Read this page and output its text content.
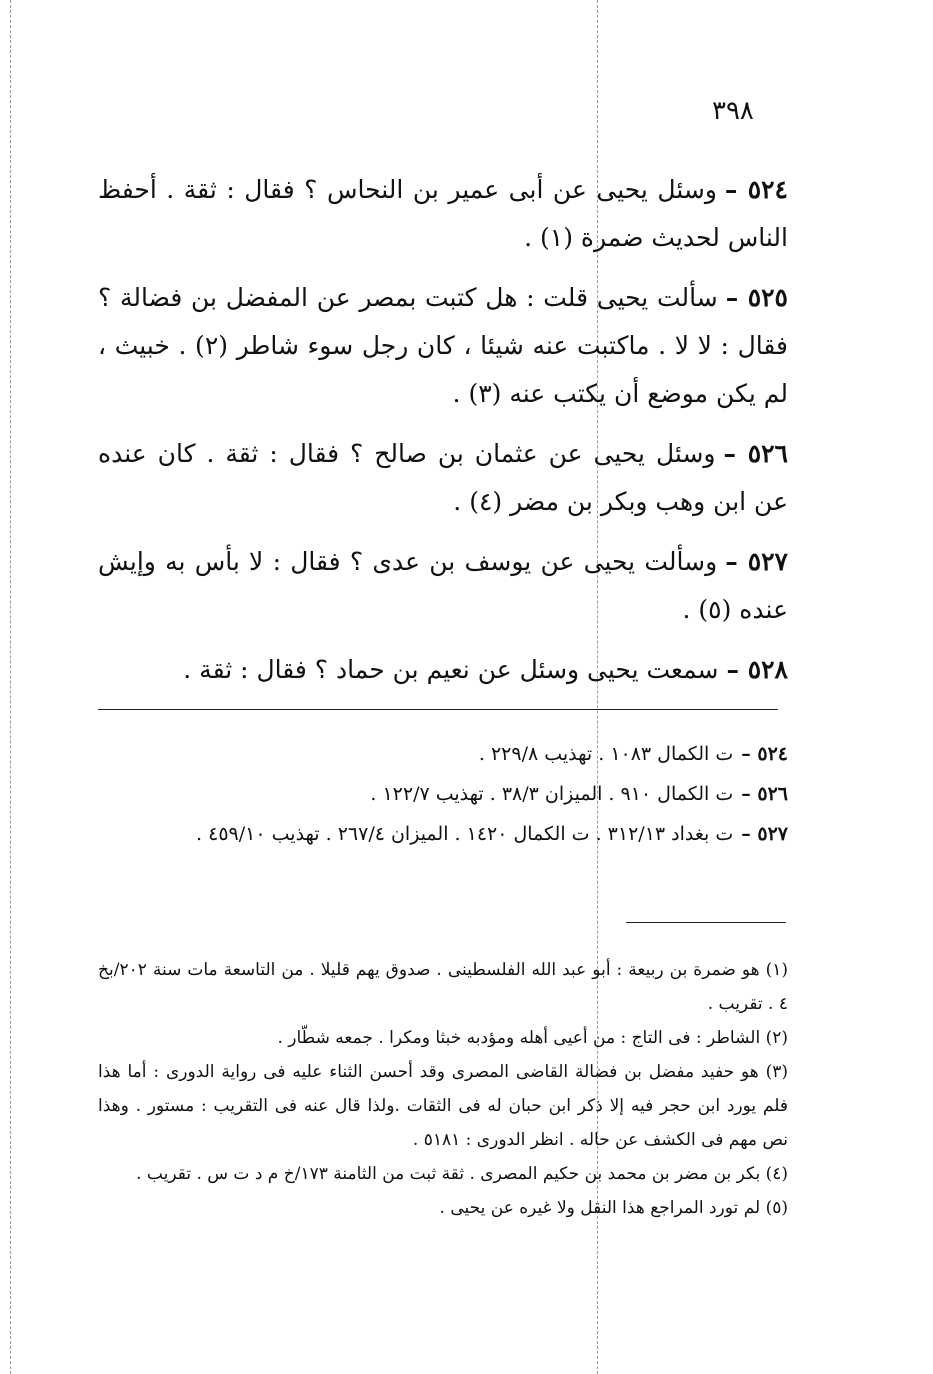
٣٩٨

٥٢٤ –وسئل يحيى عن أبى عمير بن النحاس ؟ فقال : ثقة . أحفظ الناس لحديث ضمرة (١) .

٥٢٥ –سألت يحيى قلت : هل كتبت بمصر عن المفضل بن فضالة ؟ فقال : لا لا . ماكتبت عنه شيئا ، كان رجل سوء شاطر (٢) . خبيث ، لم يكن موضع أن يكتب عنه (٣) .

٥٢٦ –وسئل يحيى عن عثمان بن صالح ؟ فقال : ثقة . كان عنده عن ابن وهب وبكر بن مضر (٤) .

٥٢٧ –وسألت يحيى عن يوسف بن عدى ؟ فقال : لا بأس به وإيش عنده (٥) .

٥٢٨ –سمعت يحيى وسئل عن نعيم بن حماد ؟ فقال : ثقة .

٥٢٤ –ت الكمال ١٠٨٣ . تهذيب ٢٢٩/٨ .

٥٢٦ –ت الكمال ٩١٠ . الميزان ٣٨/٣ . تهذيب ١٢٢/٧ .

٥٢٧ –ت بغداد ٣١٢/١٣ . ت الكمال ١٤٢٠ . الميزان ٢٦٧/٤ . تهذيب ٤٥٩/١٠ .

(١) هو ضمرة بن ربيعة : أبو عبد الله الفلسطينى . صدوق يهم قليلا . من التاسعة مات سنة ٢٠٢/بخ ٤ . تقريب .

(٢) الشاطر : فى التاج : من أعيى أهله ومؤدبه خبثا ومكرا . جمعه شطّار .

(٣) هو حفيد مفضل بن فضالة القاضى المصرى وقد أحسن الثناء عليه فى رواية الدورى : أما هذا فلم يورد ابن حجر فيه إلا ذكر ابن حبان له فى الثقات .ولذا قال عنه فى التقريب : مستور . وهذا نص مهم فى الكشف عن حاله . انظر الدورى : ٥١٨١ .

(٤) بكر بن مضر بن محمد بن حكيم المصرى . ثقة ثبت من الثامنة ١٧٣/خ م د ت س . تقريب .

(٥) لم تورد المراجع هذا النقل ولا غيره عن يحيى .
